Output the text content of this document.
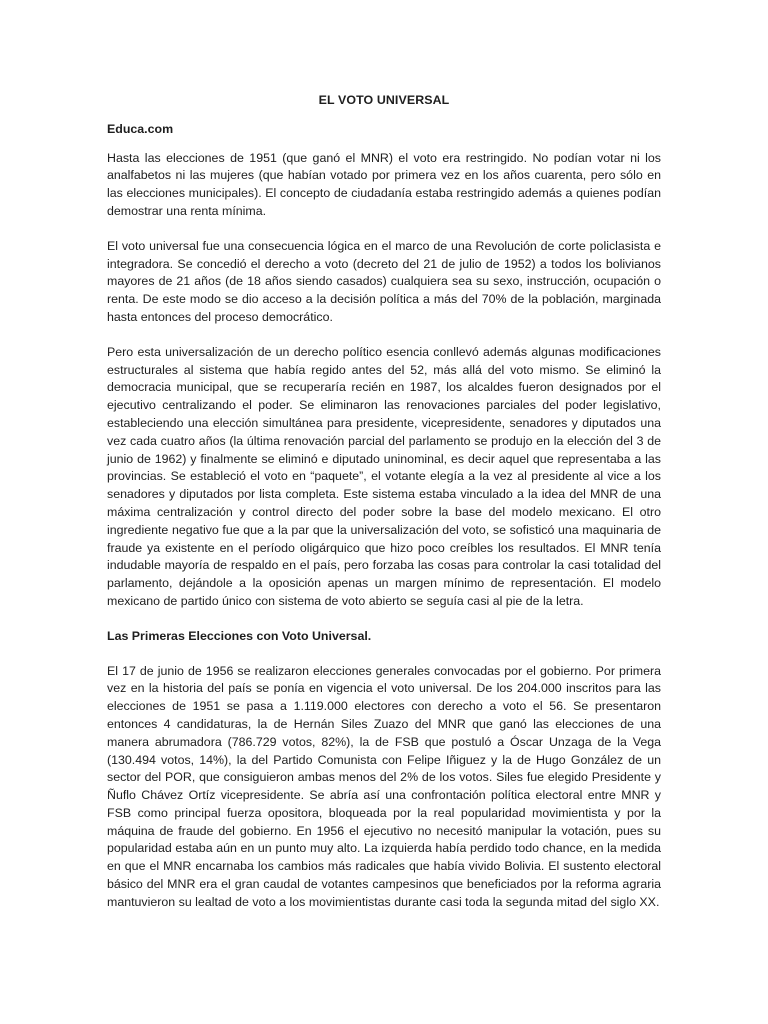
EL VOTO UNIVERSAL
Educa.com

Hasta las elecciones de 1951 (que ganó el MNR) el voto era restringido. No podían votar ni los analfabetos ni las mujeres (que habían votado por primera vez en los años cuarenta, pero sólo en las elecciones municipales). El concepto de ciudadanía estaba restringido además a quienes podían demostrar una renta mínima.

El voto universal fue una consecuencia lógica en el marco de una Revolución de corte policlasista e integradora. Se concedió el derecho a voto (decreto del 21 de julio de 1952) a todos los bolivianos mayores de 21 años (de 18 años siendo casados) cualquiera sea su sexo, instrucción, ocupación o renta. De este modo se dio acceso a la decisión política a más del 70% de la población, marginada hasta entonces del proceso democrático.

Pero esta universalización de un derecho político esencia conllevó además algunas modificaciones estructurales al sistema que había regido antes del 52, más allá del voto mismo. Se eliminó la democracia municipal, que se recuperaría recién en 1987, los alcaldes fueron designados por el ejecutivo centralizando el poder. Se eliminaron las renovaciones parciales del poder legislativo, estableciendo una elección simultánea para presidente, vicepresidente, senadores y diputados una vez cada cuatro años (la última renovación parcial del parlamento se produjo en la elección del 3 de junio de 1962) y finalmente se eliminó e diputado uninominal, es decir aquel que representaba a las provincias. Se estableció el voto en “paquete”, el votante elegía a la vez al presidente al vice a los senadores y diputados por lista completa. Este sistema estaba vinculado a la idea del MNR de una máxima centralización y control directo del poder sobre la base del modelo mexicano. El otro ingrediente negativo fue que a la par que la universalización del voto, se sofisticó una maquinaria de fraude ya existente en el período oligárquico que hizo poco creíbles los resultados. El MNR tenía indudable mayoría de respaldo en el país, pero forzaba las cosas para controlar la casi totalidad del parlamento, dejándole a la oposición apenas un margen mínimo de representación. El modelo mexicano de partido único con sistema de voto abierto se seguía casi al pie de la letra.

Las Primeras Elecciones con Voto Universal.

El 17 de junio de 1956 se realizaron elecciones generales convocadas por el gobierno. Por primera vez en la historia del país se ponía en vigencia el voto universal. De los 204.000 inscritos para las elecciones de 1951 se pasa a 1.119.000 electores con derecho a voto el 56. Se presentaron entonces 4 candidaturas, la de Hernán Siles Zuazo del MNR que ganó las elecciones de una manera abrumadora (786.729 votos, 82%), la de FSB que postuló a Óscar Unzaga de la Vega (130.494 votos, 14%), la del Partido Comunista con Felipe Iñiguez y la de Hugo González de un sector del POR, que consiguieron ambas menos del 2% de los votos. Siles fue elegido Presidente y Ñuflo Chávez Ortíz vicepresidente. Se abría así una confrontación política electoral entre MNR y FSB como principal fuerza opositora, bloqueada por la real popularidad movimientista y por la máquina de fraude del gobierno. En 1956 el ejecutivo no necesitó manipular la votación, pues su popularidad estaba aún en un punto muy alto. La izquierda había perdido todo chance, en la medida en que el MNR encarnaba los cambios más radicales que había vivido Bolivia. El sustento electoral básico del MNR era el gran caudal de votantes campesinos que beneficiados por la reforma agraria mantuvieron su lealtad de voto a los movimientistas durante casi toda la segunda mitad del siglo XX.
